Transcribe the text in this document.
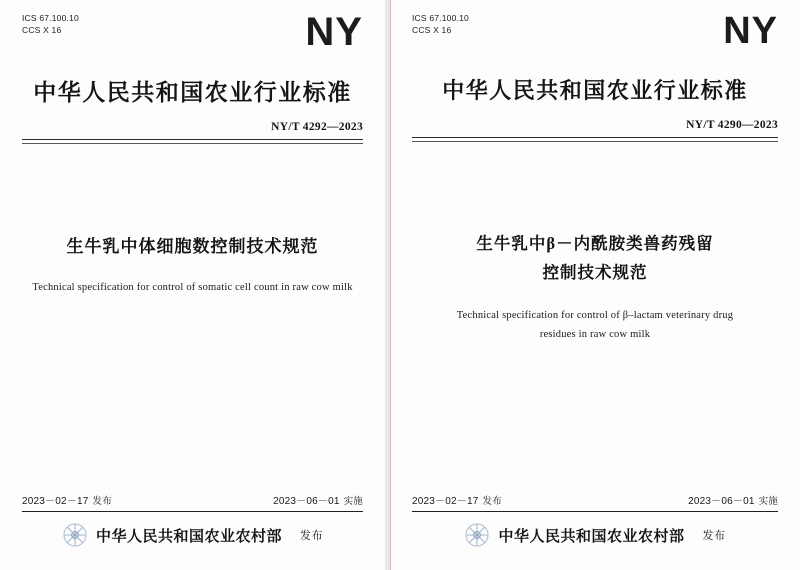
ICS 67.100.10
CCS X 16	NY
中华人民共和国农业行业标准
NY/T 4292—2023
生牛乳中体细胞数控制技术规范
Technical specification for control of somatic cell count in raw cow milk
2023－02－17 发布	2023－06－01 实施
中华人民共和国农业农村部 发布
ICS 67.100.10
CCS X 16	NY
中华人民共和国农业行业标准
NY/T 4290—2023
生牛乳中β－内酰胺类兽药残留
控制技术规范
Technical specification for control of β–lactam veterinary drug
residues in raw cow milk
2023－02－17 发布	2023－06－01 实施
中华人民共和国农业农村部 发布
